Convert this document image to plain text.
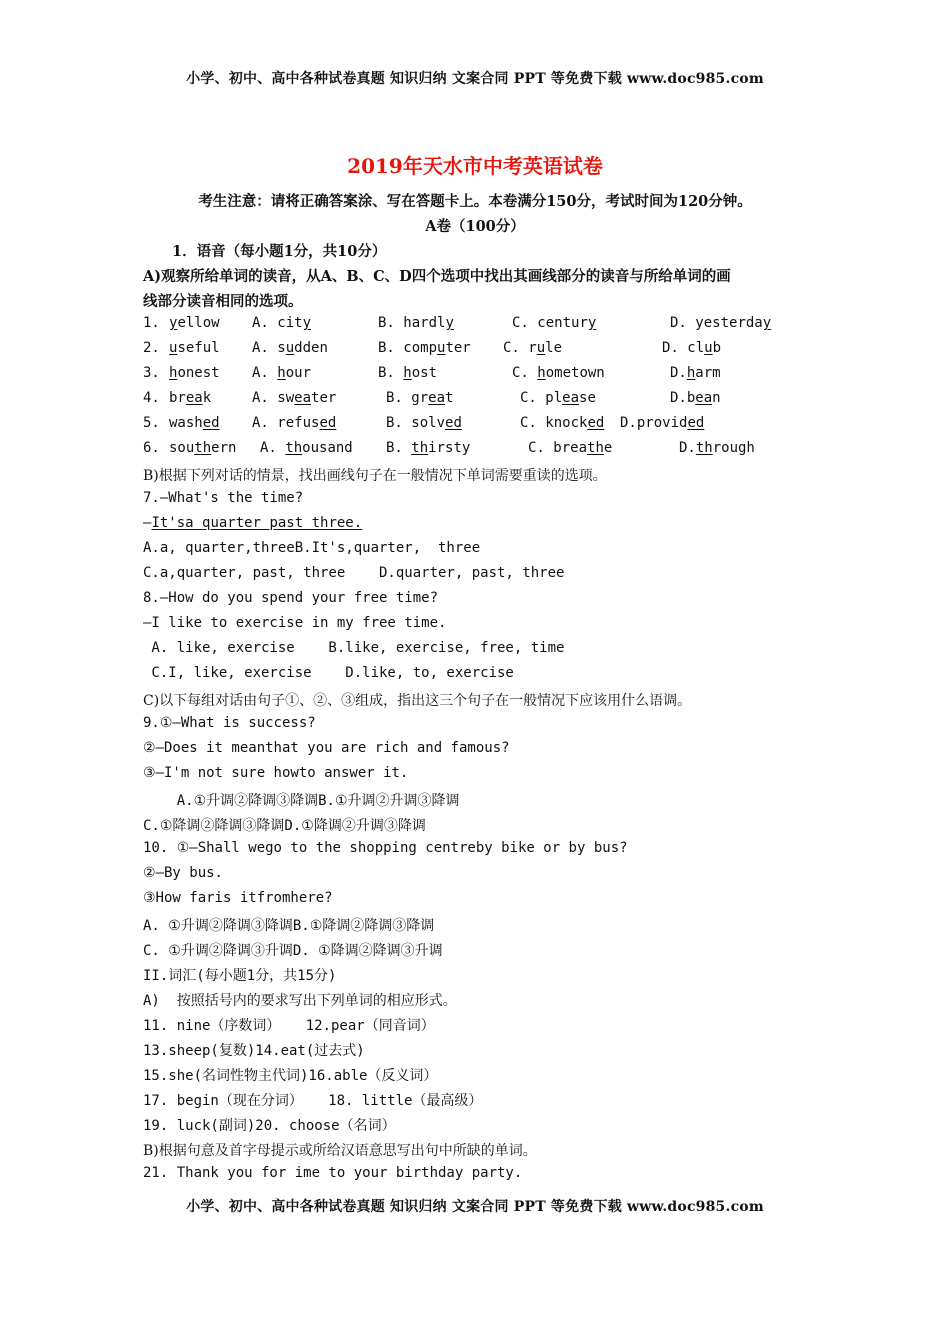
小学、初中、高中各种试卷真题 知识归纳 文案合同 PPT 等免费下载 www.doc985.com
2019年天水市中考英语试卷
考生注意：请将正确答案涂、写在答题卡上。本卷满分150分，考试时间为120分钟。
A卷（100分）
1．语音（每小题1分，共10分）
A)观察所给单词的读音，从A、B、C、D四个选项中找出其画线部分的读音与所给单词的画
线部分读音相同的选项。
1. yellow A. city	B. hardly	C. century	D. yesterday
2. useful A. sudden	B. computer C. rule	D. club
3. honest A. hour	B. host	C. hometown	D.harm
4. break	A. sweater	B. great	C. please	D.bean
5. washed A. refused	B. solved	C. knocked D.provided
6. southern A. thousand B. thirsty	C. breathe	D.through
B)根据下列对话的情景，找出画线句子在一般情况下单词需要重读的选项。
7.—What's the time?
—It'sa quarter past three.
A.a, quarter,threeB.It's,quarter,  three
C.a,quarter, past, three    D.quarter, past, three
8.—How do you spend your free time?
—I like to exercise in my free time.
A. like, exercise    B.like, exercise, free, time
C.I, like, exercise    D.like, to, exercise
C)以下每组对话由句子①、②、③组成，指出这三个句子在一般情况下应该用什么语调。
9.①—What is success?
②—Does it meanthat you are rich and famous?
③—I'm not sure howto answer it.
A.①升调②降调③降调B.①升调②升调③降调
C.①降调②降调③降调D.①降调②升调③降调
10. ①—Shall wego to the shopping centreby bike or by bus?
②—By bus.
③How faris itfromhere?
A. ①升调②降调③降调B.①降调②降调③降调
C. ①升调②降调③升调D. ①降调②降调③升调
II.词汇(每小题1分，共15分)
A)  按照括号内的要求写出下列单词的相应形式。
11. nine（序数词）   12.pear（同音词）
13.sheep(复数)14.eat(过去式)
15.she(名词性物主代词)16.able（反义词）
17. begin（现在分词）   18. little（最高级）
19. luck(副词)20. choose（名词）
B)根据句意及首字母提示或所给汉语意思写出句中所缺的单词。
21. Thank you for ime to your birthday party.
小学、初中、高中各种试卷真题 知识归纳 文案合同 PPT 等免费下载 www.doc985.com
